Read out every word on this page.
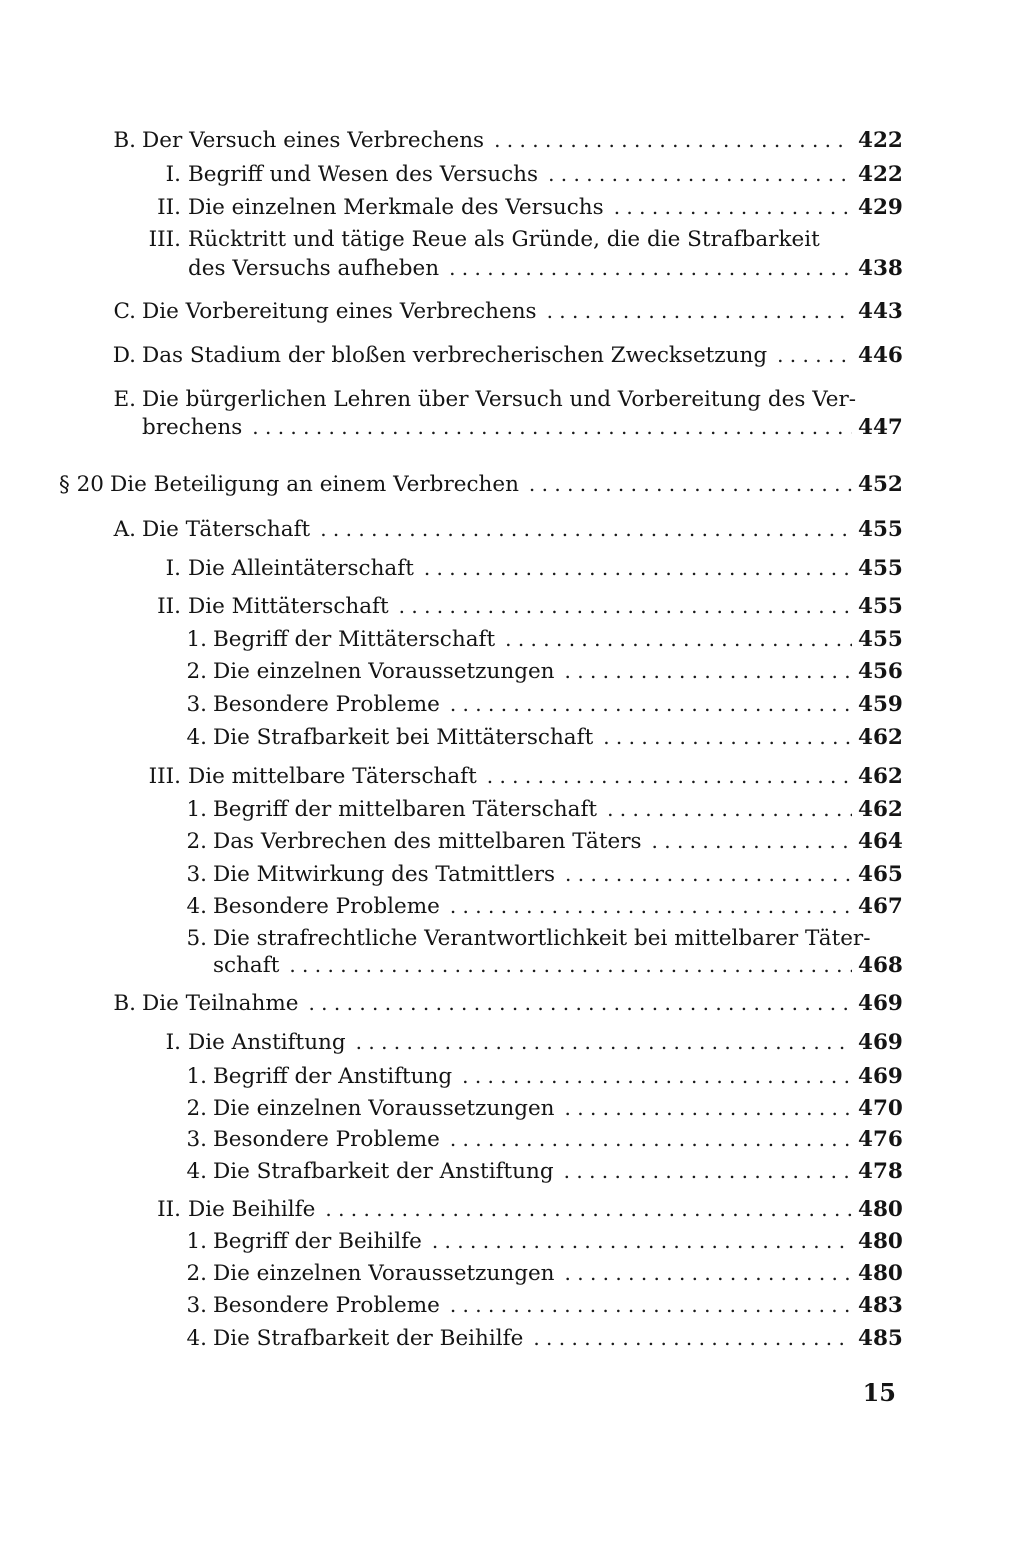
B. Der Versuch eines Verbrechens . . .	422
I. Begriff und Wesen des Versuchs . . .	422
II. Die einzelnen Merkmale des Versuchs . . .	429
III. Rücktritt und tätige Reue als Gründe, die die Strafbarkeit
des Versuchs aufheben . . .	438
C. Die Vorbereitung eines Verbrechens . . .	443
D. Das Stadium der bloßen verbrecherischen Zwecksetzung . . .	446
E. Die bürgerlichen Lehren über Versuch und Vorbereitung des Ver-
brechens . . .	447
§ 20 Die Beteiligung an einem Verbrechen . . .	452
A. Die Täterschaft . . .	455
I. Die Alleintäterschaft . . .	455
II. Die Mittäterschaft . . .	455
1. Begriff der Mittäterschaft . . .	455
2. Die einzelnen Voraussetzungen . . .	456
3. Besondere Probleme . . .	459
4. Die Strafbarkeit bei Mittäterschaft . . .	462
III. Die mittelbare Täterschaft . . .	462
1. Begriff der mittelbaren Täterschaft . . .	462
2. Das Verbrechen des mittelbaren Täters . . .	464
3. Die Mitwirkung des Tatmittlers . . .	465
4. Besondere Probleme . . .	467
5. Die strafrechtliche Verantwortlichkeit bei mittelbarer Täter-
schaft . . .	468
B. Die Teilnahme . . .	469
I. Die Anstiftung . . .	469
1. Begriff der Anstiftung . . .	469
2. Die einzelnen Voraussetzungen . . .	470
3. Besondere Probleme . . .	476
4. Die Strafbarkeit der Anstiftung . . .	478
II. Die Beihilfe . . .	480
1. Begriff der Beihilfe . . .	480
2. Die einzelnen Voraussetzungen . . .	480
3. Besondere Probleme . . .	483
4. Die Strafbarkeit der Beihilfe . . .	485
15
